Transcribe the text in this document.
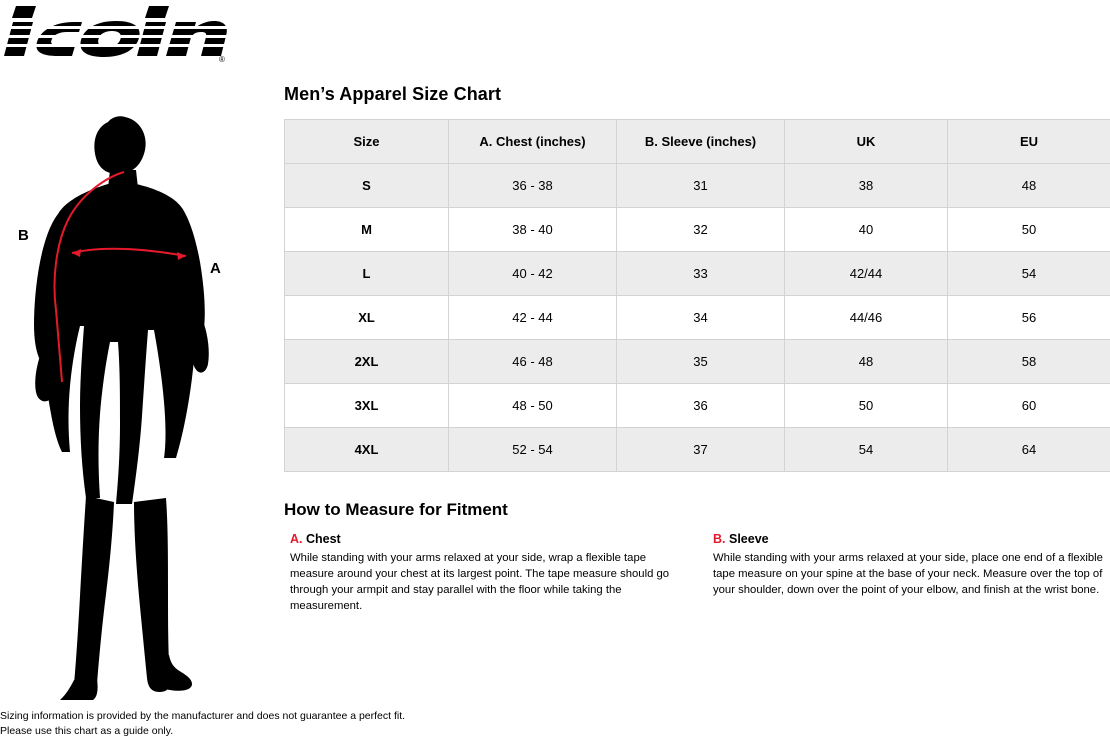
®
A
B
Men’s Apparel Size Chart
Size	A. Chest (inches)	B. Sleeve (inches)	UK	EU
S	36 - 38	31	38	48
M	38 - 40	32	40	50
L	40 - 42	33	42/44	54
XL	42 - 44	34	44/46	56
2XL	46 - 48	35	48	58
3XL	48 - 50	36	50	60
4XL	52 - 54	37	54	64
How to Measure for Fitment
A. Chest

While standing with your arms relaxed at your side, wrap a flexible tape measure around your chest at its largest point. The tape measure should go through your armpit and stay parallel with the floor while taking the measurement.

B. Sleeve

While standing with your arms relaxed at your side, place one end of a flexible tape measure on your spine at the base of your neck. Measure over the top of your shoulder, down over the point of your elbow, and finish at the wrist bone.

Sizing information is provided by the manufacturer and does not guarantee a perfect fit.
Please use this chart as a guide only.
